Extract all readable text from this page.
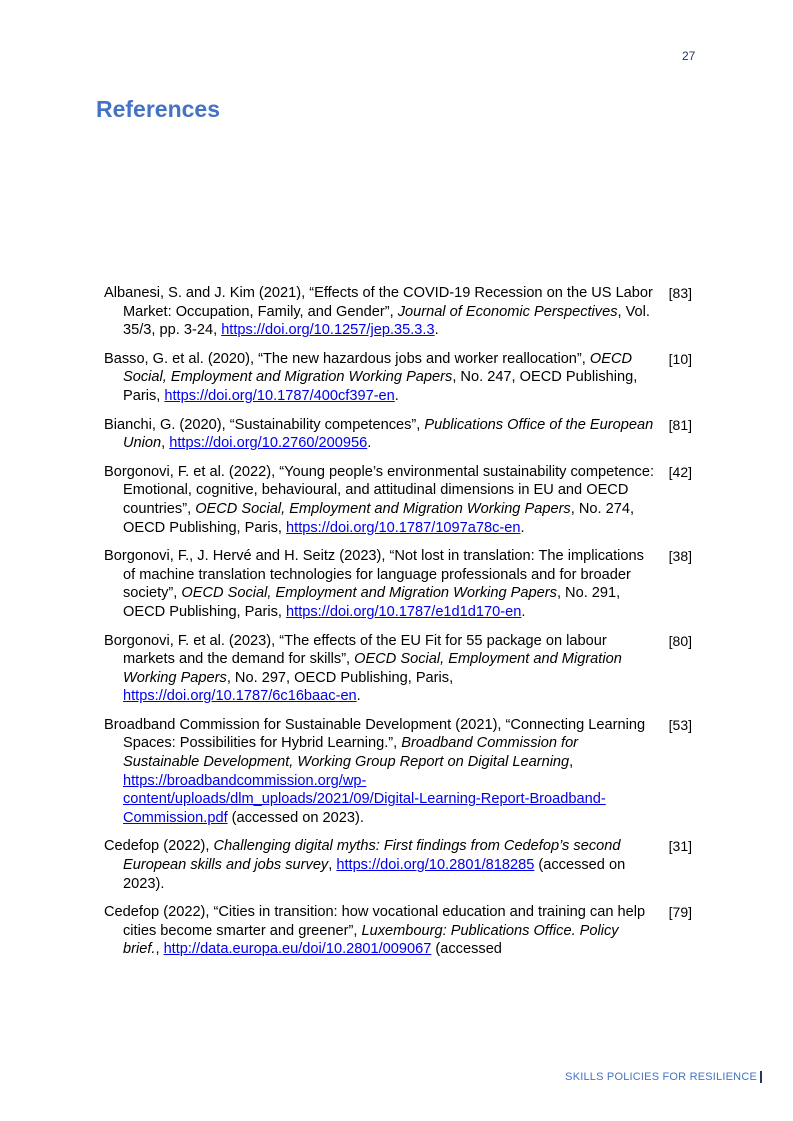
27
References
Albanesi, S. and J. Kim (2021), “Effects of the COVID-19 Recession on the US Labor Market: Occupation, Family, and Gender”, Journal of Economic Perspectives, Vol. 35/3, pp. 3-24, https://doi.org/10.1257/jep.35.3.3.
[83]
Basso, G. et al. (2020), “The new hazardous jobs and worker reallocation”, OECD Social, Employment and Migration Working Papers, No. 247, OECD Publishing, Paris, https://doi.org/10.1787/400cf397-en.
[10]
Bianchi, G. (2020), “Sustainability competences”, Publications Office of the European Union, https://doi.org/10.2760/200956.
[81]
Borgonovi, F. et al. (2022), “Young people’s environmental sustainability competence: Emotional, cognitive, behavioural, and attitudinal dimensions in EU and OECD countries”, OECD Social, Employment and Migration Working Papers, No. 274, OECD Publishing, Paris, https://doi.org/10.1787/1097a78c-en.
[42]
Borgonovi, F., J. Hervé and H. Seitz (2023), “Not lost in translation: The implications of machine translation technologies for language professionals and for broader society”, OECD Social, Employment and Migration Working Papers, No. 291, OECD Publishing, Paris, https://doi.org/10.1787/e1d1d170-en.
[38]
Borgonovi, F. et al. (2023), “The effects of the EU Fit for 55 package on labour markets and the demand for skills”, OECD Social, Employment and Migration Working Papers, No. 297, OECD Publishing, Paris, https://doi.org/10.1787/6c16baac-en.
[80]
Broadband Commission for Sustainable Development (2021), “Connecting Learning Spaces: Possibilities for Hybrid Learning.”, Broadband Commission for Sustainable Development, Working Group Report on Digital Learning, https://broadbandcommission.org/wp-content/uploads/dlm_uploads/2021/09/Digital-Learning-Report-Broadband-Commission.pdf (accessed on 2023).
[53]
Cedefop (2022), Challenging digital myths: First findings from Cedefop’s second European skills and jobs survey, https://doi.org/10.2801/818285 (accessed on 2023).
[31]
Cedefop (2022), “Cities in transition: how vocational education and training can help cities become smarter and greener”, Luxembourg: Publications Office. Policy brief., http://data.europa.eu/doi/10.2801/009067 (accessed
[79]
SKILLS POLICIES FOR RESILIENCE
